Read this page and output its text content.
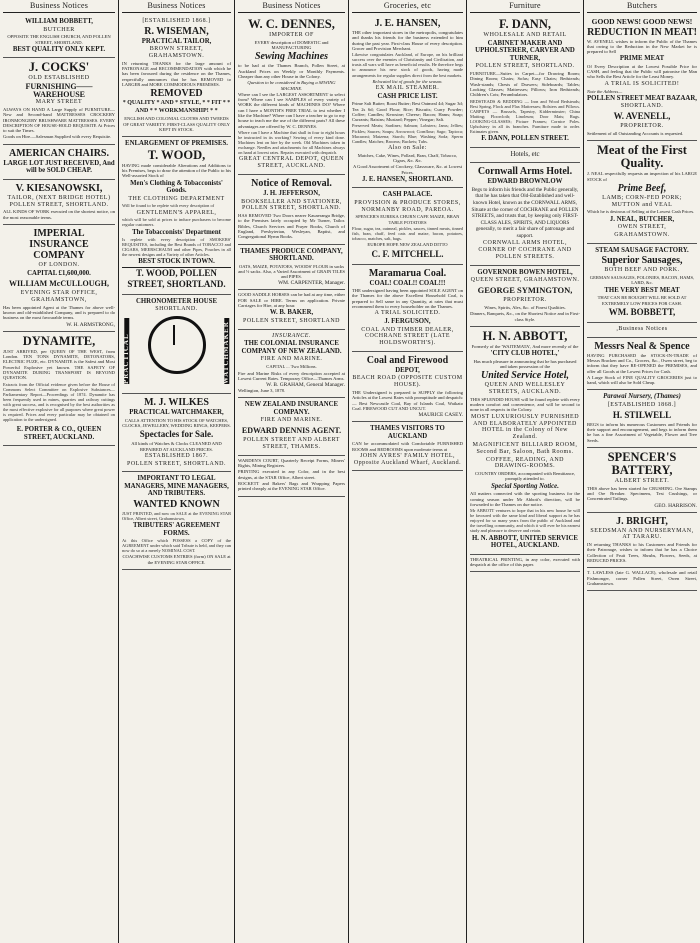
Business Notices
WILLIAM BOBBETT,
BUTCHER

OPPOSITE THE ENGLISH CHURCH, AND POLLEN STREET, SHORTLAND.

BEST QUALITY ONLY KEPT.
J. COCKS'
OLD ESTABLISHED
FURNISHING——WAREHOUSE
MARY STREET

ALWAYS ON HAND A Large Supply of FURNITURE—New and Second-hand MATTRESSES CROCKERY IRONMONGERY BRUSHWARE MATTRESSES. EVERY DESCRIPTION OF HOUSE-HOLD REQUISITE At Prices to suit the Times.

Goods on Hire.—Salesman Supplied with every Requisite.

AMERICAN CHAIRS.
LARGE LOT JUST RECEIVED, And will be SOLD CHEAP.
V. KIESANOWSKI,
TAILOR, (NEXT BRIDGE HOTEL) POLLEN STREET, SHORTLAND.

ALL KINDS OF WORK executed on the shortest notice, on the most reasonable terms.

IMPERIAL INSURANCE COMPANY
OF LONDON.
CAPITAL £1,600,000.
WILLIAM McCULLOUGH,
EVENING STAR OFFICE, GRAHAMSTOWN,

Has been appointed Agent at the Thames for above well-known and old-established Company, and is prepared to do business on the most favourable terms.

W. H. ARMSTRONG,
DYNAMITE,

JUST ARRIVED, per QUEEN OF THE WEST, from London. TEN TONS DYNAMITE, DETONATORS, ELECTRIC FUZE, etc. DYNAMITE is the Safest and Most Powerful Explosive yet known. THE SAFETY OF DYNAMITE DURING TRANSPORT IS BEYOND QUESTION.

Extracts from the Official evidence given before the House of Commons Select Committee on Explosive Substances—Parliamentary Report—Proceedings of 1874. Dynamite has been frequently used in mines, quarries and railway cuttings with great success, and is recognised by the best authorities as the most effective explosive for all purposes where great power is required. Prices and every particular may be obtained on application to the undersigned.

E. PORTER & CO., QUEEN STREET, AUCKLAND.
Business Notices
[ESTABLISHED 1868.]
R. WISEMAN,
PRACTICAL TAILOR,
BROWN STREET, GRAHAMSTOWN.

IN returning THANKS for the large amount of PATRONAGE and RECOMMENDATION with which he has been favoured during the residence on the Thames, respectfully announces that he has REMOVED to LARGER and MORE COMMODIOUS PREMISES.

REMOVED
* QUALITY * AND * STYLE, * * FIT * * AND * * WORKMANSHIP! * *

ENGLISH AND COLONIAL CLOTHS AND TWEEDS OF GREAT VARIETY. FIRST-CLASS QUALITY ONLY KEPT IN STOCK.

ENLARGEMENT OF PREMISES.
T. WOOD,

HAVING made considerable Alterations and Additions to his Premises, begs to draw the attention of the Public to his Well-assorted Stock of

Men's Clothing & Tobacconists' Goods.
THE CLOTHING DEPARTMENT

Will be found to be replete with every description of

GENTLEMEN'S APPAREL,

which will be sold at prices to induce purchasers to become regular customers.

The Tobacconists' Department

Is replete with every description of SMOKERS' REQUISITES, including the Best Brands of TOBACCO and CIGARS, MEERSCHAUM and other Pipes, Pouches in all the newest designs and a Variety of other Articles.

BEST STOCK IN TOWN.
T. WOOD, POLLEN STREET, SHORTLAND.
CHRONOMETER HOUSE
SHORTLAND.
PRACTICAL	WATCHMAKER
M. J. WILKES
PRACTICAL WATCHMAKER,

CALLS ATTENTION TO HIS STOCK OF WATCHES, CLOCKS, JEWELLERY, WEDDING RINGS, KEEPERS.

Spectacles for Sale.

All kinds of Watches & Clocks CLEANED AND REPAIRED AT AUCKLAND PRICES.

ESTABLISHED 1867.
POLLEN STREET, SHORTLAND.
IMPORTANT TO LEGAL MANAGERS, MINE MANAGERS, AND TRIBUTERS.
WANTED KNOWN

JUST PRINTED, and now on SALE at the EVENING STAR Office, Albert street, Grahamstown,

TRIBUTERS' AGREEMENT FORMS.

At this Office which POSSESS a COPY of the AGREEMENT under which said Tribute is held, and they can now do so at a merely NOMINAL COST.

COACHWISE CUSTOMS ENTRIES (form) ON SALE at the EVENING STAR OFFICE.

Business Notices
W. C. DENNES,
IMPORTER OF

EVERY description of DOMESTIC and MANUFACTURING

Sewing Machines

to be had at the Thames Branch, Pollen Street, at Auckland Prices on Weekly or Monthly Payments. Cheaper than any other House in the Colony.

Question to be considered in Buying a SEWING MACHINE.

Where can I see the LARGEST ASSORTMENT to select from? Where can I see SAMPLES of every variety of WORK the different kinds of MACHINES DO? Where can I have a MONTH'S FREE TRIAL to test whether I like the Machine? Where can I have a teacher to go to my house to teach me the use of the different parts? All these advantages are offered by W. C. DENNES.

Where can I have a Machine that shall in four to eight hours be instructed in its working? Sewing of every kind done. Machines lent on hire by the week. Old Machines taken in exchange. Needles and attachments for all Machines always on hand at lowest rates. Repairs executed with despatch.

GREAT CENTRAL DEPOT, QUEEN STREET, AUCKLAND.
Notice of Removal.
J. H. JEFFERSON,
BOOKSELLER AND STATIONER, POLLEN STREET, SHORTLAND.

HAS REMOVED Two Doors nearer Kauaeranga Bridge, to the Premises lately occupied by Mr Turner, Tailor. Bibles, Church Services and Prayer Books, Church of England, Presbyterian, Wesleyan, Baptist, and Congregational Hymn Books.

THAMES PRODUCE COMPANY, SHORTLAND.

OATS, MAIZE, POTATOES, WOODS' FLOUR in sacks and ½ sacks. Also, a Varied Assortment of GRAIN TILES and PIPES.

WM. CARPENTER, Manager.

GOOD SADDLE HORSES can be had at any time, either FOR SALE or HIRE. Terms on application. Private Carriages for Hire, at any hour.

W. B. BAKER,
POLLEN STREET, SHORTLAND
INSURANCE.
THE COLONIAL INSURANCE COMPANY OF NEW ZEALAND.
FIRE AND MARINE.

CAPITAL ... Two Millions.

Fire and Marine Risks of every description accepted at Lowest Current Rates. Temporary Office—Thames Arms.

W. B. GRAHAM, General Manager.

Wellington, June 3, 1878.

NEW ZEALAND INSURANCE COMPANY.
FIRE AND MARINE.
EDWARD DENNIS AGENT.
POLLEN STREET AND ALBERT STREET, THAMES.

WARDEN'S COURT, Quarterly Receipt Forms, Miners' Rights, Mining Registers.

PRINTING executed in any Color, and in the best designs, at the STAR Office, Albert street.

ROCKETT and Bakers' Bags and Wrapping Papers printed cheaply at the EVENING STAR Office.

Groceries, etc
J. E. HANSEN,

THE other important stores in the metropolis, congratulates and thanks his friends for the business extended to him during the past year. First-class House of every description. Grocer and Provision Merchant.

Likewise congratulates Auckland, of Europe, on his brilliant success over the enemies of Christianity and Civilisation, and trusts all wars will have as beneficial results. He therefore begs to announce his new stock of goods, having made arrangements for regular supplies direct from the best markets.

Relocated list of goods for the season.

EX MAIL STEAMER.
CASH PRICE LIST.

Prime Salt Butter; Roast Butter; Best Oatmeal 4d; Sugar 3d; Tea 2s 6d; Good Flour; Rice; Biscuits; Curry Powder; Coffee; Candles; Kerosine; Cheese; Bacon; Hams; Soap; Currants; Raisins; Mustard; Pepper; Vinegar; Salt.

Preserved Meats; Sardines; Salmon; Lobsters; Jams; Jellies; Pickles; Sauces; Soups; Arrowroot; Cornflour; Sago; Tapioca; Macaroni; Maizena; Starch; Blue; Washing Soda; Sperm Candles; Matches; Brooms; Buckets; Tubs.

Also on Sale:

Matches, Cake, Wines, Pollard, Bran, Chaff, Tobacco, Cigars, &c. &c.

A Good Assortment of Crockery, Glassware, &c. at Lowest Prices.

J. E. HANSEN, SHORTLAND.
CASH PALACE.
PROVISION & PRODUCE STORES, NORMANBY ROAD, PAREOA.

SPENCER'S EUREKA CHURN CAFE MAIZE, BRAN TABLE POTATOES

Flour, sugar, tea, oatmeal, pickles, sauces, tinned meats, tinned fish, bran, chaff, feed oats and maize, bacon, potatoes, tobacco, matches, salt, bags.

EUROPE HOPE NEW ZEALAND DITTO

C. F. MITCHELL.
Maramarua Coal.
COAL! COAL!! COAL!!!

THE undersigned having been appointed SOLE AGENT on the Thames for the above Excellent Household Coal, is prepared to Sell same in any Quantity, at rates that must recommend them to every householder on the Thames.

A TRIAL SOLICITED.
J. FERGUSON,
COAL AND TIMBER DEALER, COCHRANE STREET (LATE HOLDSWORTH'S).
Coal and Firewood
DEPOT,
BEACH ROAD (OPPOSITE CUSTOM HOUSE).

THE Undersigned is prepared to SUPPLY the following Articles at the Lowest Rates with promptitude and despatch:— Best Newcastle Coal, Bay of Islands Coal, Waikato Coal. FIREWOOD CUT AND UNCUT.

MAURICE CASEY.
THAMES VISITORS TO AUCKLAND

CAN be accommodated with Comfortable FURNISHED ROOMS and BEDROOMS upon moderate terms at

JOHN AYRES' FAMILY HOTEL, Opposite Auckland Wharf, Auckland.
Furniture
F. DANN,
WHOLESALE AND RETAIL
CABINET MAKER AND UPHOLSTERER, CARVER AND TURNER,
POLLEN STREET, SHORTLAND.

FURNITURE—Suites in Carpet—for Drawing Room; Dining Room; Chairs; Sofas; Easy Chairs; Bedsteads; Wash-stands; Chests of Drawers; Sideboards; Tables; Looking Glasses; Mattresses; Pillows; Iron Bedsteads; Children's Cots; Perambulators.

BEDSTEADS & BEDDING — Iron and Wood Bedsteads; Best Spring, Flock and Flax Mattresses; Bolsters and Pillows. CARPETS — Brussels, Tapestry, Kidderminster; China Matting; Floorcloth; Linoleum; Door Mats; Rugs. LOOKING-GLASSES; Picture Frames; Cornice Poles. Upholstery in all its branches. Furniture made to order. Estimates given.

F. DANN, POLLEN STREET.
Hotels, etc
Cornwall Arms Hotel.
EDWARD BROWNLOW

Begs to inform his friends and the Public generally, that he has taken that Old-Established and well-known Hotel, known as the CORNWALL ARMS, Situate at the corner of COCHRANE and POLLEN STREETS, and trusts that, by keeping only FIRST-CLASS ALES, SPIRITS, AND LIQUORS generally, to merit a fair share of patronage and support.

CORNWALL ARMS HOTEL, CORNER OF COCHRANE AND POLLEN STREETS.
GOVERNOR BOWEN HOTEL,
QUEEN STREET, GRAHAMSTOWN.
GEORGE SYMINGTON,
PROPRIETOR.

Wines, Spirits, Ales, &c. of Finest Qualities.

Dinners, Banquets, &c., on the Shortest Notice and in First-class Style.

H. N. ABBOTT,

Formerly of the 'WAITEMATA', And more recently of the

'CITY CLUB HOTEL,'

Has much pleasure in announcing that he has purchased and taken possession of the

United Service Hotel,
QUEEN AND WELLESLEY STREETS, AUCKLAND.

THIS SPLENDID HOUSE will be found replete with every modern comfort and convenience, and will be second to none in all respects in the Colony.

MOST LUXURIOUSLY FURNISHED AND ELABORATELY APPOINTED HOTEL in the Colony of New Zealand.
MAGNIFICENT BILLIARD ROOM, Second Bar, Saloon, Bath Rooms.
COFFEE, READING, AND DRAWING-ROOMS.

COUNTRY ORDERS, accompanied with Remittance, promptly attended to.

Special Sporting Notice.

All matters connected with the sporting business for the coming season under Mr Abbott's direction, will be forwarded to the Thames on due notice.

Mr ABBOTT ventures to hope that in his new house he will be favoured with the same kind and liberal support as he has enjoyed for so many years from the public of Auckland and the travelling community, and which it will ever be his earnest study and pleasure to deserve and retain.

H. N. ABBOTT, UNITED SERVICE HOTEL, AUCKLAND.

THEATRICAL PRINTING, in any color, executed with despatch at the office of this paper.

Butchers
GOOD NEWS! GOOD NEWS!
REDUCTION IN MEAT!

W. AVENELL wishes to inform the Public of the Thames that owing to the Reduction in the New Market he is prepared to Sell

PRIME MEAT

Of Every Description at the Lowest Possible Price for CASH, and feeling that the Public will patronise the Man who Sells the Best Article for the Least Money.

A TRIAL IS SOLICITED!

Note the Address—

POLLEN STREET MEAT BAZAAR,
SHORTLAND.
W. AVENELL,
PROPRIETOR.

Settlement of all Outstanding Accounts is requested.

Meat of the First Quality.

J. NEAL respectfully requests an inspection of his LARGE STOCK of

Prime Beef,
LAMB; CORN-FED PORK; MUTTON and VEAL

Which he is desirous of Selling at the Lowest Cash Prices.

J. NEAL, BUTCHER,
OWEN STREET,
GRAHAMSTOWN.
STEAM SAUSAGE FACTORY.
Superior Sausages,
BOTH BEEF AND PORK.

GERMAN SAUSAGES, POLONIES, BACON, HAMS, LARD, &c.

THE VERY BEST MEAT

THAT CAN BE BOUGHT WILL BE SOLD AT EXTREMELY LOW PRICES FOR CASH.

WM. BOBBETT,
,Business Notices
Messrs Neal & Spence

HAVING PURCHASED the STOCK-IN-TRADE of Messrs Bracken and Co., Grocers, &c., Owen street, beg to inform that they have RE-OPENED the PREMISES, and offer all Goods at the Lowest Prices for Cash.

A Large Stock of FINE QUALITY GROCERIES just to hand, which will also be Sold Cheap.

Parawai Nursery, (Thames)
[ESTABLISHED 1868.]
H. STILWELL

BEGS to inform his numerous Customers and Friends for their support and encouragement, and begs to inform them he has a fine Assortment of Vegetable, Flower and Tree Seeds.

SPENCER'S BATTERY,
ALBERT STREET.

THIS above has been started for CRUSHING. Ore Stamps and Ore Breaker. Specimens, Test Crushings, or Concentrated Tailings.

GEO. HARRISON.
J. BRIGHT,
SEEDSMAN AND NURSERYMAN, AT TARARU.

IN returning THANKS to his Customers and Friends for their Patronage, wishes to inform that he has a Choice Collection of Fruit Trees, Shrubs, Flowers, Seeds, at REDUCED PRICES.

T. LAWLESS (late G. WALLACE), wholesale and retail Fishmonger, corner Pollen Street, Owen Street, Grahamstown.
